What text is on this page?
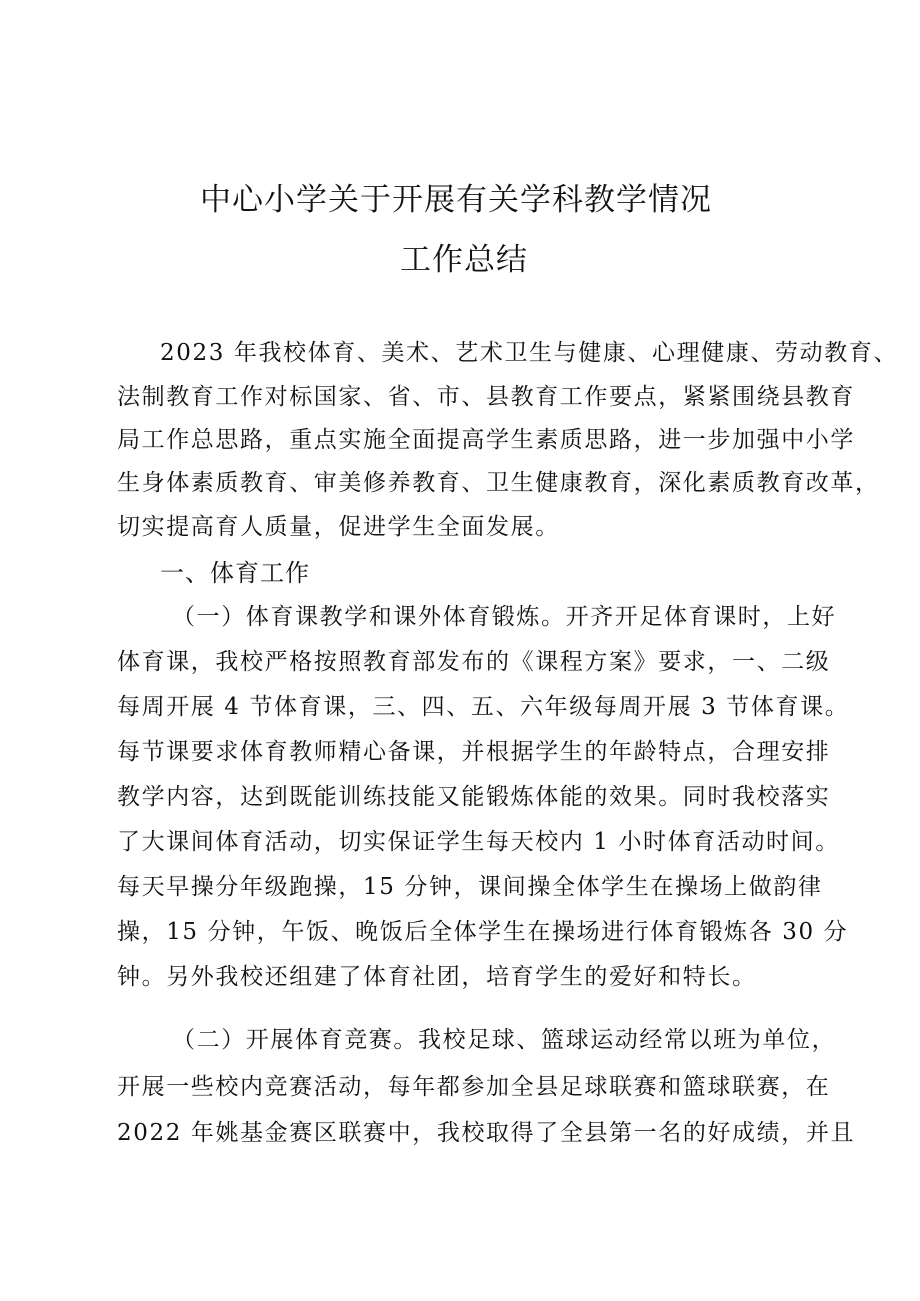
中心小学关于开展有关学科教学情况
工作总结
2023 年我校体育、美术、艺术卫生与健康、心理健康、劳动教育、
法制教育工作对标国家、省、市、县教育工作要点，紧紧围绕县教育
局工作总思路，重点实施全面提高学生素质思路，进一步加强中小学
生身体素质教育、审美修养教育、卫生健康教育，深化素质教育改革，
切实提高育人质量，促进学生全面发展。
一、体育工作
（一）体育课教学和课外体育锻炼。开齐开足体育课时，上好
体育课，我校严格按照教育部发布的《课程方案》要求，一、二级
每周开展 4 节体育课，三、四、五、六年级每周开展 3 节体育课。
每节课要求体育教师精心备课，并根据学生的年龄特点，合理安排
教学内容，达到既能训练技能又能锻炼体能的效果。同时我校落实
了大课间体育活动，切实保证学生每天校内 1 小时体育活动时间。
每天早操分年级跑操，15 分钟，课间操全体学生在操场上做韵律
操，15 分钟，午饭、晚饭后全体学生在操场进行体育锻炼各 30 分
钟。另外我校还组建了体育社团，培育学生的爱好和特长。
（二）开展体育竞赛。我校足球、篮球运动经常以班为单位，
开展一些校内竞赛活动，每年都参加全县足球联赛和篮球联赛，在
2022 年姚基金赛区联赛中，我校取得了全县第一名的好成绩，并且
